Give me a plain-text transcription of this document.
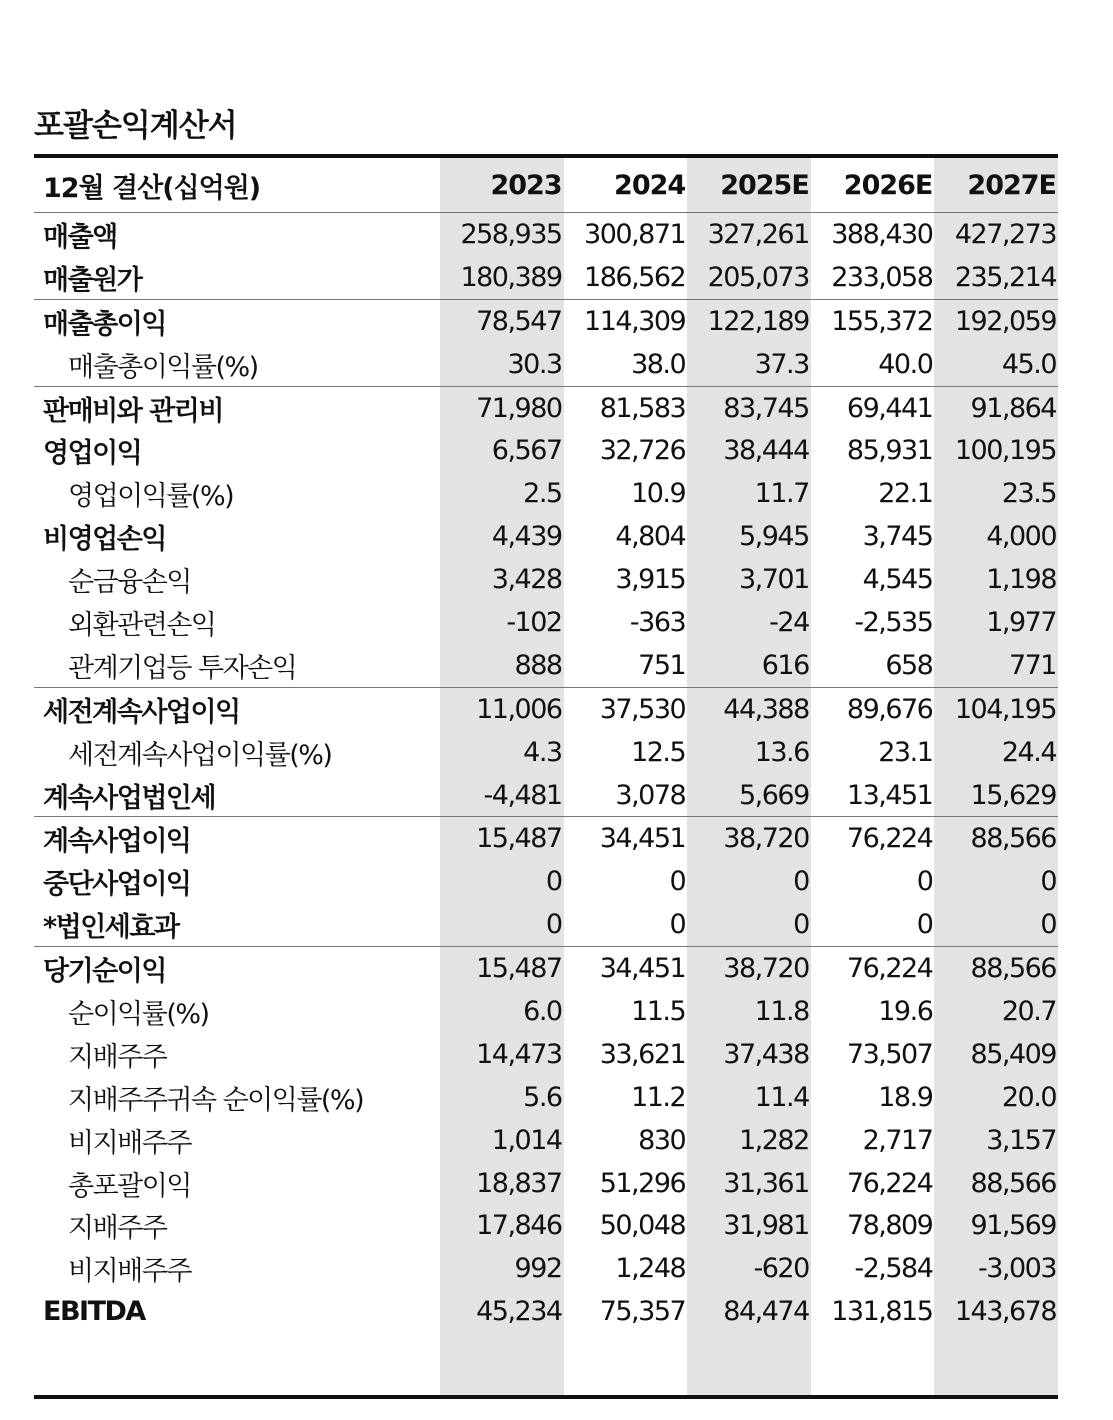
포괄손익계산서
12월 결산(십억원)	2023	2024	2025E	2026E	2027E
매출액	258,935	300,871	327,261	388,430	427,273
매출원가	180,389	186,562	205,073	233,058	235,214
매출총이익	78,547	114,309	122,189	155,372	192,059
매출총이익률(%)	30.3	38.0	37.3	40.0	45.0
판매비와 관리비	71,980	81,583	83,745	69,441	91,864
영업이익	6,567	32,726	38,444	85,931	100,195
영업이익률(%)	2.5	10.9	11.7	22.1	23.5
비영업손익	4,439	4,804	5,945	3,745	4,000
순금융손익	3,428	3,915	3,701	4,545	1,198
외환관련손익	-102	-363	-24	-2,535	1,977
관계기업등 투자손익	888	751	616	658	771
세전계속사업이익	11,006	37,530	44,388	89,676	104,195
세전계속사업이익률(%)	4.3	12.5	13.6	23.1	24.4
계속사업법인세	-4,481	3,078	5,669	13,451	15,629
계속사업이익	15,487	34,451	38,720	76,224	88,566
중단사업이익	0	0	0	0	0
*법인세효과	0	0	0	0	0
당기순이익	15,487	34,451	38,720	76,224	88,566
순이익률(%)	6.0	11.5	11.8	19.6	20.7
지배주주	14,473	33,621	37,438	73,507	85,409
지배주주귀속 순이익률(%)	5.6	11.2	11.4	18.9	20.0
비지배주주	1,014	830	1,282	2,717	3,157
총포괄이익	18,837	51,296	31,361	76,224	88,566
지배주주	17,846	50,048	31,981	78,809	91,569
비지배주주	992	1,248	-620	-2,584	-3,003
EBITDA	45,234	75,357	84,474	131,815	143,678
